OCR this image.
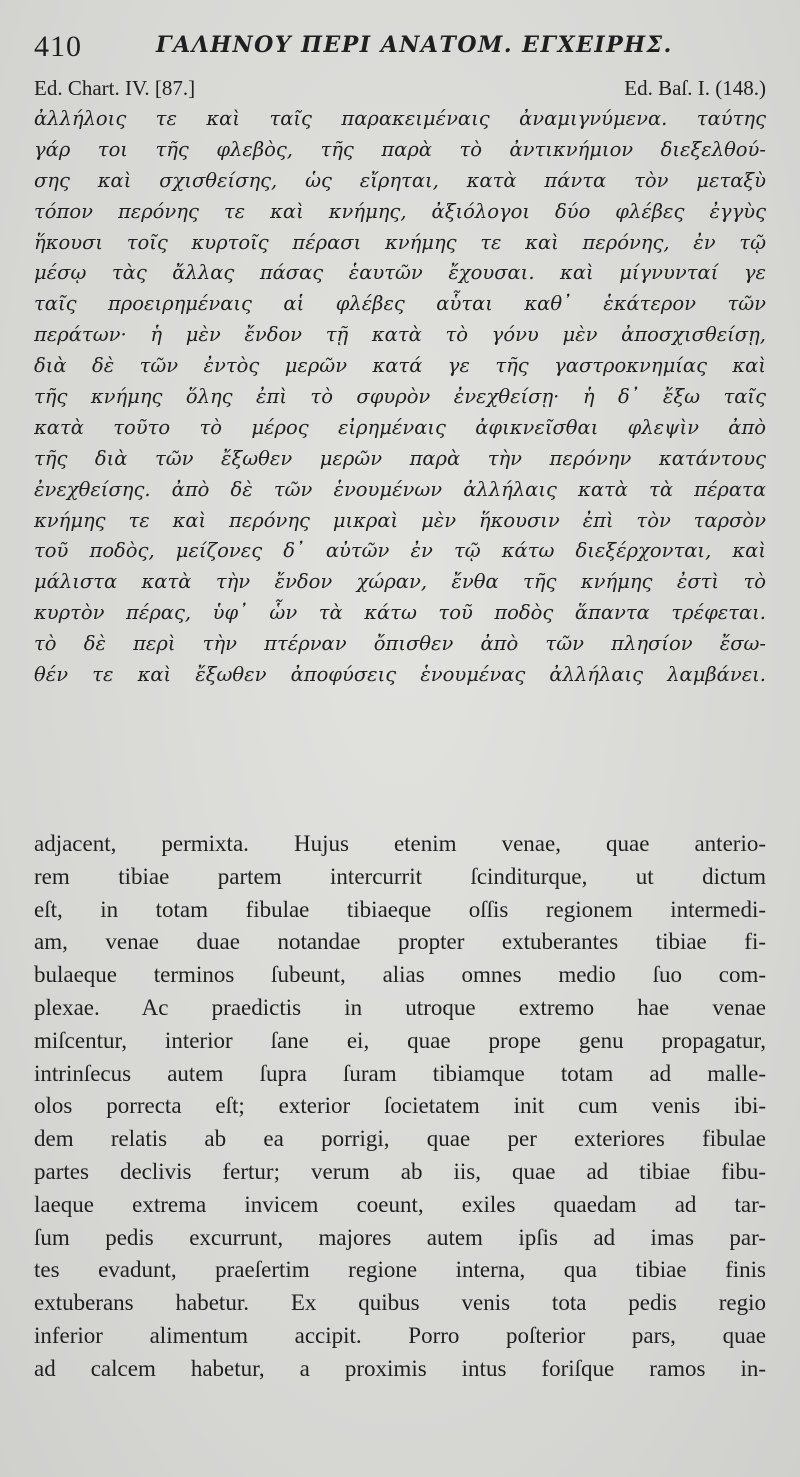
410	ΓΑΛΗΝΟΥ ΠΕΡΙ ΑΝΑΤΟΜ. ΕΓΧΕΙΡΗΣ.
Ed. Chart. IV. [87.]	Ed. Baſ. I. (148.)
ἀλλήλοις τε καὶ ταῖς παρακειμέναις ἀναμιγνύμενα. ταύτης
γάρ τοι τῆς φλεβὸς, τῆς παρὰ τὸ ἀντικνήμιον διεξελθού-
σης καὶ σχισθείσης, ὡς εἴρηται, κατὰ πάντα τὸν μεταξὺ
τόπον περόνης τε καὶ κνήμης, ἀξιόλογοι δύο φλέβες ἐγγὺς
ἥκουσι τοῖς κυρτοῖς πέρασι κνήμης τε καὶ περόνης, ἐν τῷ
μέσῳ τὰς ἄλλας πάσας ἑαυτῶν ἔχουσαι. καὶ μίγνυνταί γε
ταῖς προειρημέναις αἱ φλέβες αὗται καθ᾽ ἑκάτερον τῶν
περάτων· ἡ μὲν ἔνδον τῇ κατὰ τὸ γόνυ μὲν ἀποσχισθείσῃ,
διὰ δὲ τῶν ἐντὸς μερῶν κατά γε τῆς γαστροκνημίας καὶ
τῆς κνήμης ὅλης ἐπὶ τὸ σφυρὸν ἐνεχθείσῃ· ἡ δ᾽ ἔξω ταῖς
κατὰ τοῦτο τὸ μέρος εἰρημέναις ἀφικνεῖσθαι φλεψὶν ἀπὸ
τῆς διὰ τῶν ἔξωθεν μερῶν παρὰ τὴν περόνην κατάντους
ἐνεχθείσης. ἀπὸ δὲ τῶν ἑνουμένων ἀλλήλαις κατὰ τὰ πέρατα
κνήμης τε καὶ περόνης μικραὶ μὲν ἥκουσιν ἐπὶ τὸν ταρσὸν
τοῦ ποδὸς, μείζονες δ᾽ αὐτῶν ἐν τῷ κάτω διεξέρχονται, καὶ
μάλιστα κατὰ τὴν ἔνδον χώραν, ἔνθα τῆς κνήμης ἐστὶ τὸ
κυρτὸν πέρας, ὑφ᾽ ὧν τὰ κάτω τοῦ ποδὸς ἅπαντα τρέφεται.
τὸ δὲ περὶ τὴν πτέρναν ὄπισθεν ἀπὸ τῶν πλησίον ἔσω-
θέν τε καὶ ἔξωθεν ἀποφύσεις ἑνουμένας ἀλλήλαις λαμβάνει.
adjacent, permixta. Hujus etenim venae, quae anterio-
rem tibiae partem intercurrit ſcinditurque, ut dictum
eſt, in totam fibulae tibiaeque oſſis regionem intermedi-
am, venae duae notandae propter extuberantes tibiae fi-
bulaeque terminos ſubeunt, alias omnes medio ſuo com-
plexae. Ac praedictis in utroque extremo hae venae
miſcentur, interior ſane ei, quae prope genu propagatur,
intrinſecus autem ſupra ſuram tibiamque totam ad malle-
olos porrecta eſt; exterior ſocietatem init cum venis ibi-
dem relatis ab ea porrigi, quae per exteriores fibulae
partes declivis fertur; verum ab iis, quae ad tibiae fibu-
laeque extrema invicem coeunt, exiles quaedam ad tar-
ſum pedis excurrunt, majores autem ipſis ad imas par-
tes evadunt, praeſertim regione interna, qua tibiae finis
extuberans habetur. Ex quibus venis tota pedis regio
inferior alimentum accipit. Porro poſterior pars, quae
ad calcem habetur, a proximis intus foriſque ramos in-
